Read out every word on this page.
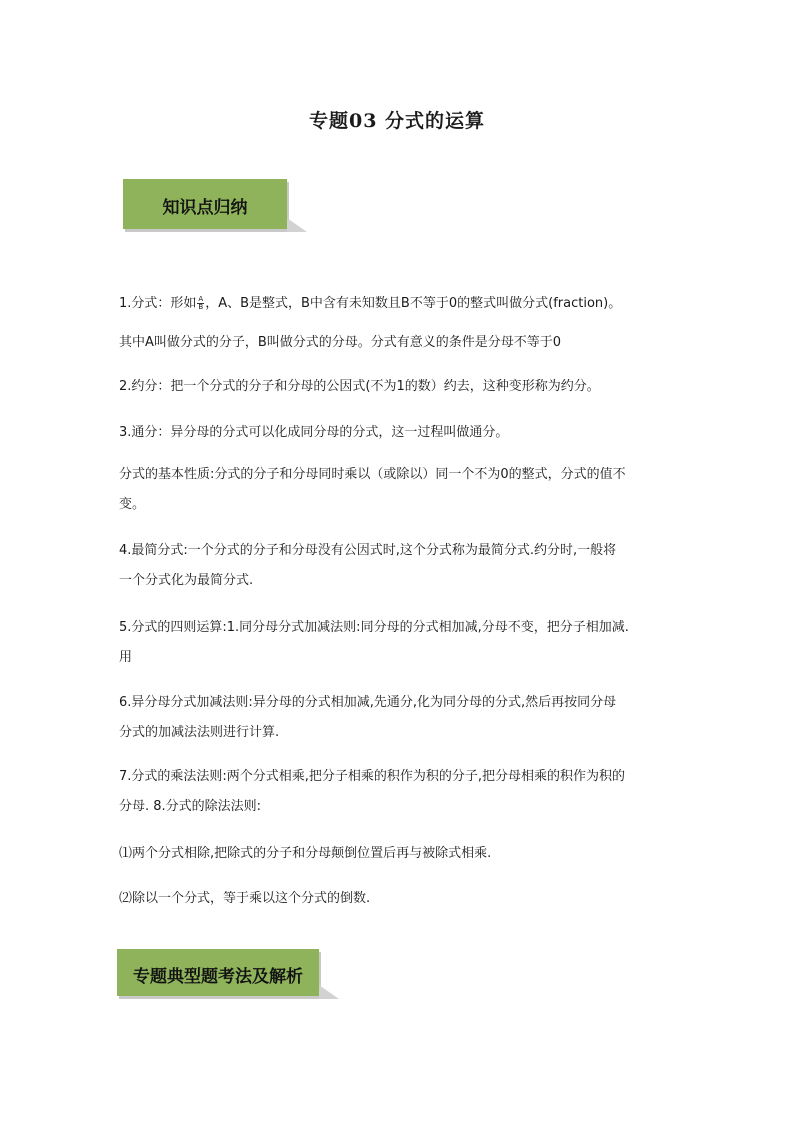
专题03 分式的运算
知识点归纳
1.分式：形如 $\frac{A}{B}$ ，A、B是整式，B中含有未知数且B不等于0的整式叫做分式(fraction)。
其中A叫做分式的分子，B叫做分式的分母。分式有意义的条件是分母不等于0
2.约分：把一个分式的分子和分母的公因式(不为1的数）约去，这种变形称为约分。
3.通分：异分母的分式可以化成同分母的分式，这一过程叫做通分。
分式的基本性质:分式的分子和分母同时乘以（或除以）同一个不为0的整式，分式的值不
变。
4.最简分式:一个分式的分子和分母没有公因式时,这个分式称为最简分式.约分时,一般将
一个分式化为最简分式.
5.分式的四则运算:1.同分母分式加减法则:同分母的分式相加减,分母不变，把分子相加减.
用
6.异分母分式加减法则:异分母的分式相加减,先通分,化为同分母的分式,然后再按同分母
分式的加减法法则进行计算.
7.分式的乘法法则:两个分式相乘,把分子相乘的积作为积的分子,把分母相乘的积作为积的
分母. 8.分式的除法法则:
⑴两个分式相除,把除式的分子和分母颠倒位置后再与被除式相乘.
⑵除以一个分式，等于乘以这个分式的倒数.
专题典型题考法及解析
